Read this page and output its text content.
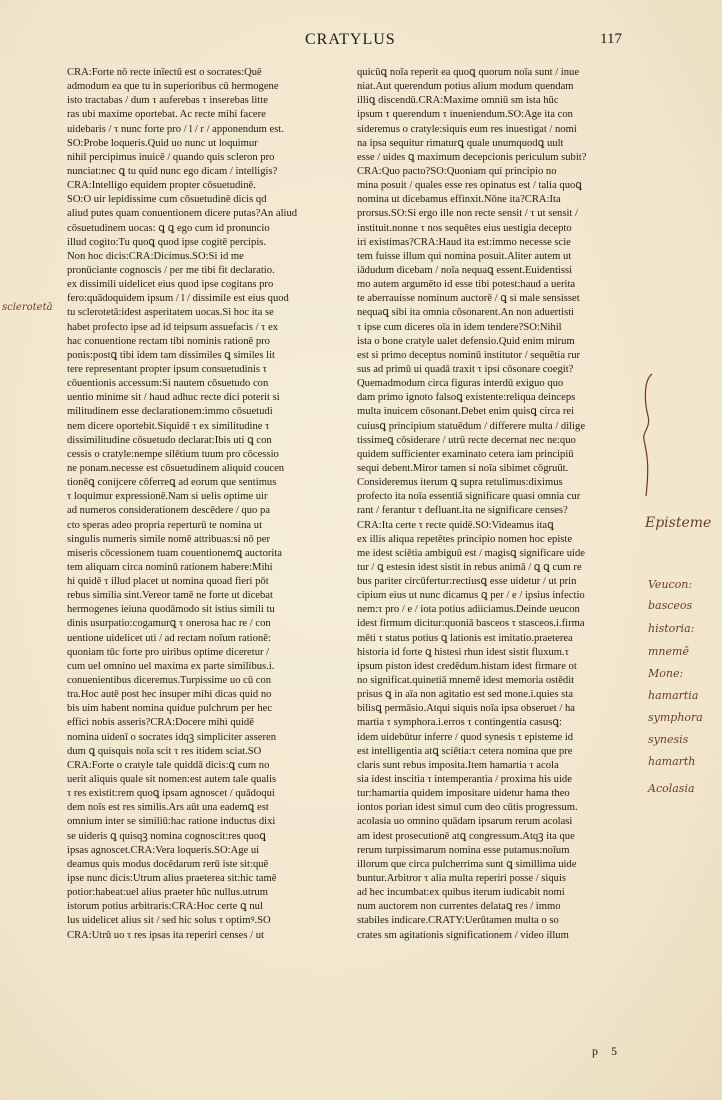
CRATYLUS	117
CRA:Forte nō recte inīectū est o socrates:Quē
admodum ea que tu in superioribus cū hermogene
isto tractabas / dum τ auferebas τ inserebas litte
ras ubi maxime oportebat. Ac recte mihi facere
uidebaris / τ nunc forte pro / l / r / apponendum est.
SO:Probe loqueris.Quid uo nunc ut loquimur
nihil percipimus inuicē / quando quis scleron pro
nunciat:nec ꝗ tu quid nunc ego dicam / intelligis?
CRA:Intelligo equidem propter cōsuetudinē.
SO:O uir lepidissime cum cōsuetudinē dicis qd
aliud putes quam conuentionem dicere putas?An aliud
cōsuetudinem uocas: ꝗ ꝗ ego cum id pronuncio
illud cogito:Tu quoꝗ quod ipse cogitē percipis.
Non hoc dicis:CRA:Dicimus.SO:Si id me
pronūciante cognoscis / per me tibi fit declaratio.
ex dissimili uidelicet eius quod ipse cogitans pro
fero:quādoquidem ipsum / l / dissimile est eius quod
tu sclerotetā:idest asperitatem uocas.Si hoc ita se
habet profecto ipse ad id teipsum assuefacis / τ ex
hac conuentione rectam tibi nominis rationē pro
ponis:postꝗ tibi idem tam dissimiles ꝗ similes lit
tere representant propter ipsum consuetudinis τ
cōuentionis accessum:Si nautem cōsuetudo con
uentio minime sit / haud adhuc recte dici poterit si
militudinem esse declarationem:immo cōsuetudi
nem dicere oportebit.Siquidē τ ex similitudine τ
dissimilitudine cōsuetudo declarat:Ibis uti ꝗ con
cessis o cratyle:nempe silētium tuum pro cōcessio
ne ponam.necesse est cōsuetudinem aliquid coucen
tionēꝗ conijcere cōferreꝗ ad eorum que sentimus
τ loquimur expressionē.Nam si uelis optime uir
ad numeros considerationem descēdere / quo pa
cto speras adeo propria reperturū te nomina ut
singulis numeris simile nomē attribuas:si nō per
miseris cōcessionem tuam couentionemꝗ auctorita
tem aliquam circa nominū rationem habere:Mihi
hi quidē τ illud placet ut nomina quoad fieri pōt
rebus similia sint.Vereor tamē ne forte ut dicebat
hermogenes ieiuna quodāmodo sit istius simili tu
dinis usurpatio:cogamurꝗ τ onerosa hac re / con
uentione uidelicet uti / ad rectam noīum rationē:
quoniam tūc forte pro uiribus optime diceretur /
cum uel omnino uel maxima ex parte similibus.i.
conuenientibus diceremus.Turpissime uo cū con
tra.Hoc autē post hec insuper mihi dicas quid no
bis uim habent nomina quidue pulchrum per hec
effici nobis asseris?CRA:Docere mihi quidē
nomina uidenī o socrates idqꝫ simpliciter asseren
dum ꝗ quisquis noīa scit τ res itidem sciat.SO
CRA:Forte o cratyle tale quiddā dicis:ꝗ cum no
uerit aliquis quale sit nomen:est autem tale qualis
τ res existit:rem quoꝗ ipsam agnoscet / quādoqui
dem noīs est res similis.Ars aūt una eademꝗ est
omnium inter se similiū:hac ratione inductus dixi
se uideris ꝗ quisqꝫ nomina cognoscit:res quoꝗ
ipsas agnoscet.CRA:Vera loqueris.SO:Age ui
deamus quis modus docēdarum rerū iste sit:quē
ipse nunc dicis:Utrum alius praeterea sit:hic tamē
potior:habeat:uel alius praeter hūc nullus.utrum
istorum potius arbitraris:CRA:Hoc certe ꝗ nul
lus uidelicet alius sit / sed hic solus τ optimꝰ.SO
CRA:Utrū uo τ res ipsas ita reperiri censes / ut
quicūꝗ noīa reperit ea quoꝗ quorum noīa sunt / inue
niat.Aut querendum potius alium modum quendam
illiꝗ discendū.CRA:Maxime omniū sm ista hūc
ipsum τ querendum τ inueniendum.SO:Age ita con
sideremus o cratyle:siquis eum res inuestigat / nomi
na ipsa sequitur rimaturꝗ quale unumquodꝗ uult
esse / uides ꝗ maximum decepcionis periculum subit?
CRA:Quo pacto?SO:Quoniam qui principio no
mina posuit / quales esse res opinatus est / talia quoꝗ
nomina ut dicebamus effinxit.Nōne ita?CRA:Ita
prorsus.SO:Si ergo ille non recte sensit / τ ut sensit /
instituit.nonne τ nos sequētes eius uestigia decepto
iri existimas?CRA:Haud ita est:immo necesse scie
tem fuisse illum qui nomina posuit.Aliter autem ut
iādudum dicebam / noīa nequaꝗ essent.Euidentissi
mo autem argumēto id esse tibi potest:haud a uerita
te aberrauisse nominum auctorē / ꝗ si male sensisset
nequaꝗ sibi ita omnia cōsonarent.An non aduertisti
τ ipse cum diceres oīa in idem tendere?SO:Nihil
ista o bone cratyle ualet defensio.Quid enim mirum
est si primo deceptus nominū institutor / sequētia rur
sus ad primū ui quadā traxit τ ipsi cōsonare coegit?
Quemadmodum circa figuras interdū exiguo quo
dam primo ignoto falsoꝗ existente:reliqua deinceps
multa inuicem cōsonant.Debet enim quisꝗ circa rei
cuiusꝗ principium statuēdum / differere multa / dilige
tissimeꝗ cōsiderare / utrū recte decernat nec ne:quo
quidem sufficienter examinato cetera iam principiū
sequi debent.Miror tamen si noīa sibimet cōgruūt.
Consideremus iterum ꝗ supra retulimus:diximus
profecto ita noīa essentiā significare quasi omnia cur
rant / ferantur τ defluant.ita ne significare censes?
CRA:Ita certe τ recte quidē.SO:Videamus itaꝗ
ex illis aliqua repetētes principio nomen hoc episte
me idest sciētia ambiguū est / magisꝗ significare uide
tur / ꝗ estesin idest sistit in rebus animā / ꝗ ꝗ cum re
bus pariter circūfertur:rectiusꝗ esse uidetur / ut prin
cipium eius ut nunc dicamus ꝗ per / e / ipsius infectio
nem:τ pro / e / iota potius adiiciamus.Deinde ueucon
idest firmum dicitur:quoniā basceos τ stasceos.i.firma
mēti τ status potius ꝗ lationis est imitatio.praeterea
historia id forte ꝗ histesi rhun idest sistit fluxum.τ
ipsum piston idest credēdum.histam idest firmare ot
no significat.quinetiā mnemē idest memoria ostēdit
prisus ꝗ in aīa non agitatio est sed mone.i.quies sta
bilisꝗ permāsio.Atqui siquis noīa ipsa obseruet / ha
martia τ symphora.i.erros τ contingentia casusꝗ:
idem uidebūtur inferre / quod synesis τ episteme id
est intelligentia atꝗ sciētia:τ cetera nomina que pre
claris sunt rebus imposita.Item hamartia τ acola
sia idest inscitia τ intemperantia / proxima his uide
tur:hamartia quidem impositare uidetur hama theo
iontos porian idest simul cum deo cūtis progressum.
acolasia uo omnino quādam ipsarum rerum acolasi
am idest prosecutionē atꝗ congressum.Atqꝫ ita que
rerum turpissimarum nomina esse putamus:noīum
illorum que circa pulcherrima sunt ꝗ simillima uide
buntur.Arbitror τ alia multa reperiri posse / siquis
ad hec incumbat:ex quibus iterum iudicabit nomi
num auctorem non currentes delataꝗ res / immo
stabiles indicare.CRATY:Uerūtamen multa o so
crates sm agitationis significationem / video illum
p 5
sclerotetā
Episteme
Veucon:
basceos
historia:
mnemē
Mone:
hamartia
symphora
synesis
hamarth
Acolasia
